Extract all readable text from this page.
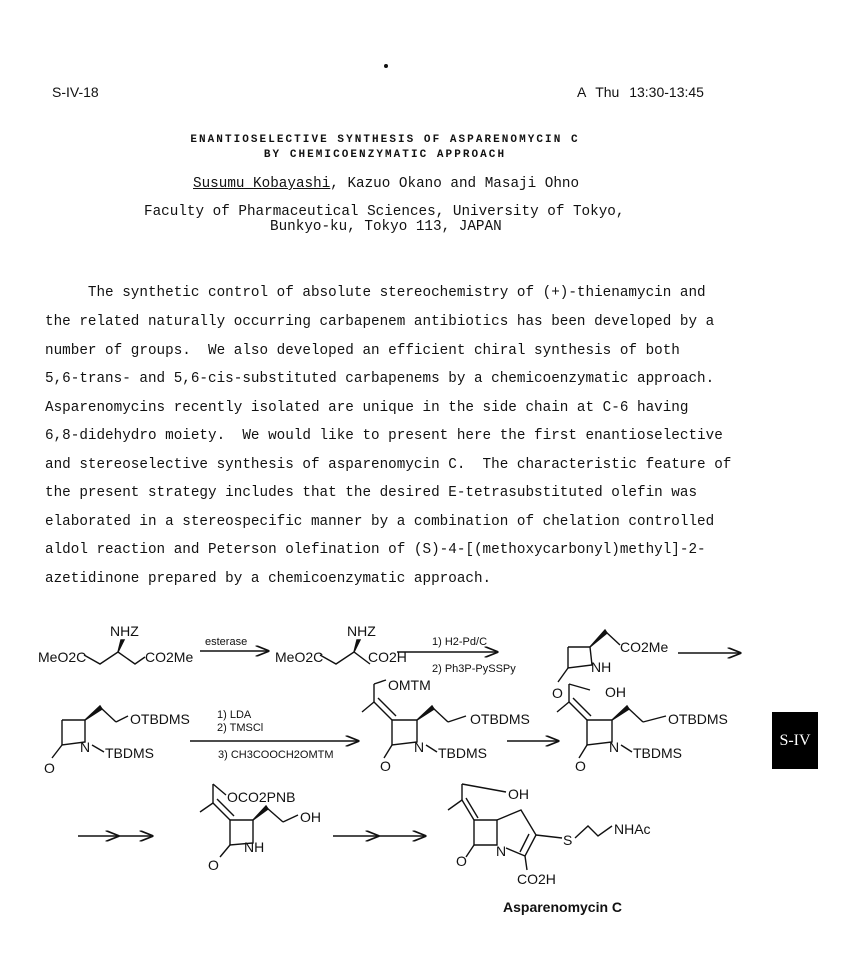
S-IV-18	A Thu 13:30-13:45
ENANTIOSELECTIVE SYNTHESIS OF ASPARENOMYCIN C
BY CHEMICOENZYMATIC APPROACH
Susumu Kobayashi, Kazuo Okano and Masaji Ohno
Faculty of Pharmaceutical Sciences, University of Tokyo,
Bunkyo-ku, Tokyo 113, JAPAN
The synthetic control of absolute stereochemistry of (+)-thienamycin and
the related naturally occurring carbapenem antibiotics has been developed by a
number of groups.  We also developed an efficient chiral synthesis of both
5,6-trans- and 5,6-cis-substituted carbapenems by a chemicoenzymatic approach.
Asparenomycins recently isolated are unique in the side chain at C-6 having
6,8-didehydro moiety.  We would like to present here the first enantioselective
and stereoselective synthesis of asparenomycin C.  The characteristic feature of
the present strategy includes that the desired E-tetrasubstituted olefin was
elaborated in a stereospecific manner by a combination of chelation controlled
aldol reaction and Peterson olefination of (S)-4-[(methoxycarbonyl)methyl]-2-
azetidinone prepared by a chemicoenzymatic approach.
MeO2C
NHZ
CO2Me
esterase
MeO2C
NHZ
CO2H
1) H2-Pd/C
2) Ph3P-PySSPy
O
NH
CO2Me
O
N TBDMS
OTBDMS 1) LDA
2) TMSCl
3) CH3COOCH2OMTM
OMTM
OTBDMS
N TBDMS
O
OH
OTBDMS
N TBDMS
O
OCO2PNB
OH
NH
O
OH
S
NHAc
N
CO2H
O
Asparenomycin C
S-IV
